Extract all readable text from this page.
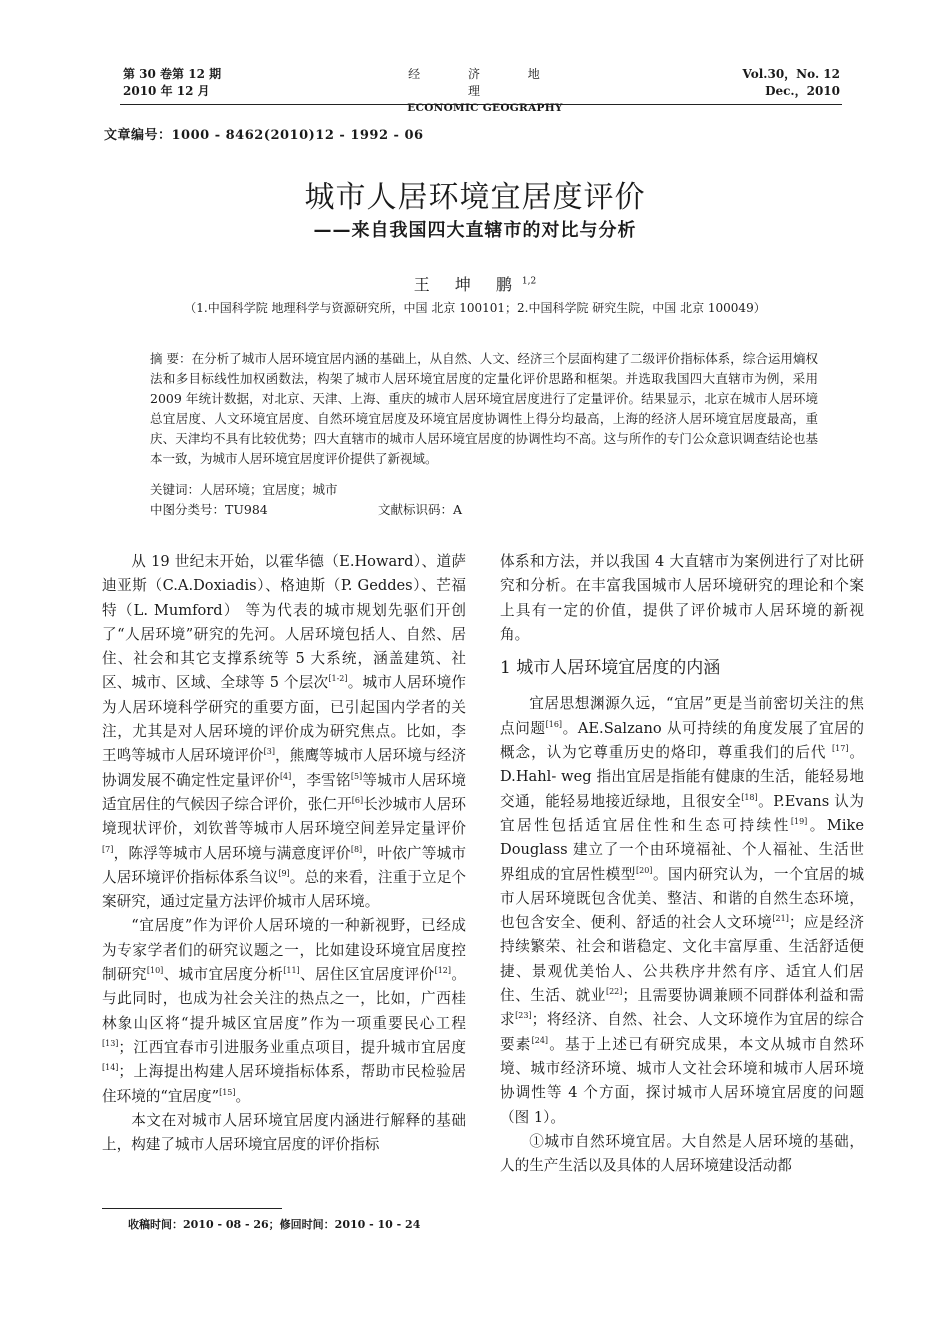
第 30 卷第 12 期
2010 年 12 月
经 济 地 理
ECONOMIC GEOGRAPHY
Vol.30，No. 12
Dec.，2010
文章编号：1000 - 8462(2010)12 - 1992 - 06
城市人居环境宜居度评价
——来自我国四大直辖市的对比与分析
王 坤 鹏$^{1,2}$
（1.中国科学院 地理科学与资源研究所，中国 北京 100101；2.中国科学院 研究生院，中国 北京 100049）
摘 要：在分析了城市人居环境宜居内涵的基础上，从自然、人文、经济三个层面构建了二级评价指标体系，综合运用熵权法和多目标线性加权函数法，构架了城市人居环境宜居度的定量化评价思路和框架。并选取我国四大直辖市为例，采用 2009 年统计数据，对北京、天津、上海、重庆的城市人居环境宜居度进行了定量评价。结果显示，北京在城市人居环境总宜居度、人文环境宜居度、自然环境宜居度及环境宜居度协调性上得分均最高，上海的经济人居环境宜居度最高，重庆、天津均不具有比较优势；四大直辖市的城市人居环境宜居度的协调性均不高。这与所作的专门公众意识调查结论也基本一致，为城市人居环境宜居度评价提供了新视域。
关键词：人居环境；宜居度；城市
中图分类号：TU984	文献标识码：A

从 19 世纪末开始，以霍华德（E.Howard）、道萨迪亚斯（C.A.Doxiadis）、格迪斯（P. Geddes）、芒福特（L. Mumford） 等为代表的城市规划先驱们开创了“人居环境”研究的先河。人居环境包括人、自然、居住、社会和其它支撑系统等 5 大系统，涵盖建筑、社区、城市、区域、全球等 5 个层次[1-2]。城市人居环境作为人居环境科学研究的重要方面，已引起国内学者的关注，尤其是对人居环境的评价成为研究焦点。比如，李王鸣等城市人居环境评价[3]，熊鹰等城市人居环境与经济协调发展不确定性定量评价[4]，李雪铭[5]等城市人居环境适宜居住的气候因子综合评价，张仁开[6]长沙城市人居环境现状评价，刘钦普等城市人居环境空间差异定量评价[7]，陈浮等城市人居环境与满意度评价[8]，叶依广等城市人居环境评价指标体系刍议[9]。总的来看，注重于立足个案研究，通过定量方法评价城市人居环境。

“宜居度”作为评价人居环境的一种新视野，已经成为专家学者们的研究议题之一，比如建设环境宜居度控制研究[10]、城市宜居度分析[11]、居住区宜居度评价[12]。与此同时，也成为社会关注的热点之一，比如，广西桂林象山区将“提升城区宜居度”作为一项重要民心工程[13]；江西宜春市引进服务业重点项目，提升城市宜居度[14]；上海提出构建人居环境指标体系，帮助市民检验居住环境的“宜居度”[15]。

本文在对城市人居环境宜居度内涵进行解释的基础上，构建了城市人居环境宜居度的评价指标

体系和方法，并以我国 4 大直辖市为案例进行了对比研究和分析。在丰富我国城市人居环境研究的理论和个案上具有一定的价值，提供了评价城市人居环境的新视角。

1 城市人居环境宜居度的内涵

宜居思想渊源久远，“宜居”更是当前密切关注的焦点问题[16]。AE.Salzano 从可持续的角度发展了宜居的概念，认为它尊重历史的烙印，尊重我们的后代 [17]。D.Hahl- weg 指出宜居是指能有健康的生活，能轻易地交通，能轻易地接近绿地，且很安全[18]。P.Evans 认为宜居性包括适宜居住性和生态可持续性[19]。Mike Douglass 建立了一个由环境福祉、个人福祉、生活世界组成的宜居性模型[20]。国内研究认为，一个宜居的城市人居环境既包含优美、整洁、和谐的自然生态环境，也包含安全、便利、舒适的社会人文环境[21]；应是经济持续繁荣、社会和谐稳定、文化丰富厚重、生活舒适便捷、景观优美怡人、公共秩序井然有序、适宜人们居住、生活、就业[22]；且需要协调兼顾不同群体利益和需求[23]；将经济、自然、社会、人文环境作为宜居的综合要素[24]。基于上述已有研究成果，本文从城市自然环境、城市经济环境、城市人文社会环境和城市人居环境协调性等 4 个方面，探讨城市人居环境宜居度的问题（图 1）。

①城市自然环境宜居。大自然是人居环境的基础，人的生产生活以及具体的人居环境建设活动都

收稿时间：2010 - 08 - 26；修回时间：2010 - 10 - 24
